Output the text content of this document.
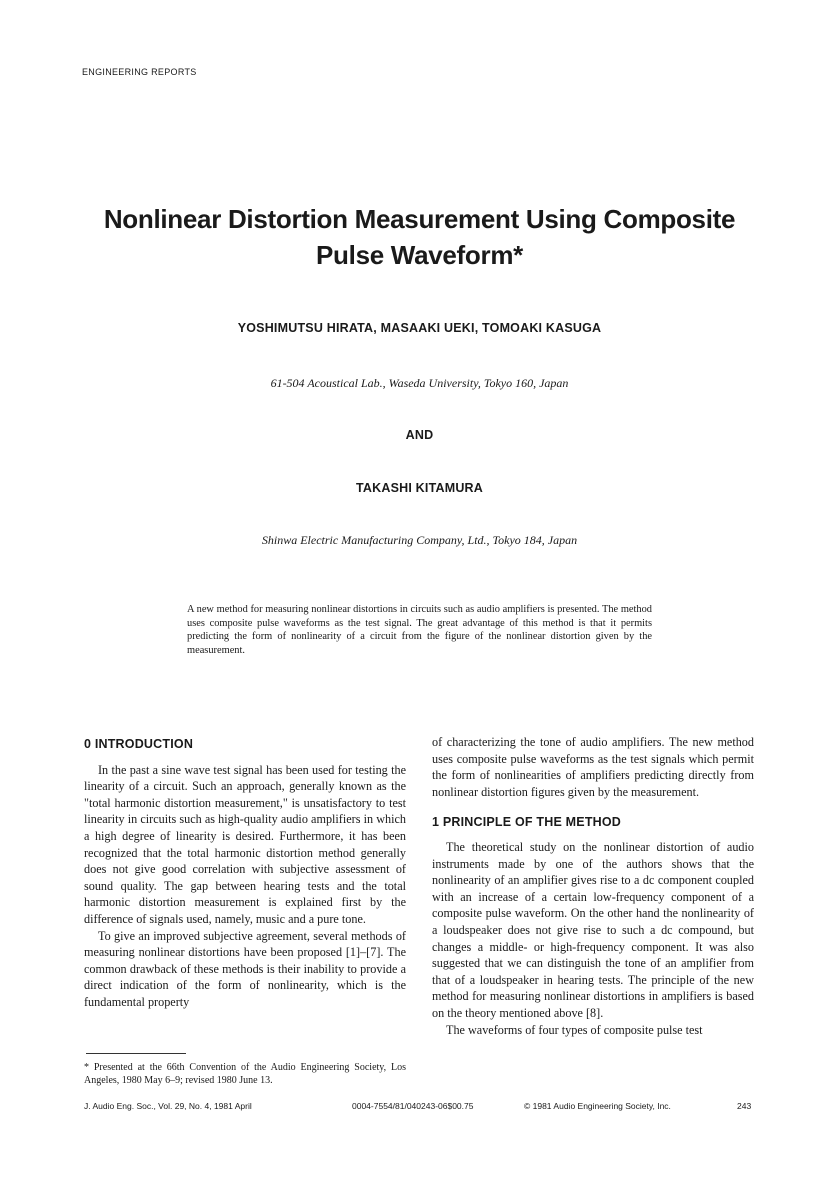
ENGINEERING REPORTS
Nonlinear Distortion Measurement Using Composite
Pulse Waveform*
YOSHIMUTSU HIRATA, MASAAKI UEKI, TOMOAKI KASUGA
61-504 Acoustical Lab., Waseda University, Tokyo 160, Japan
AND
TAKASHI KITAMURA
Shinwa Electric Manufacturing Company, Ltd., Tokyo 184, Japan
A new method for measuring nonlinear distortions in circuits such as audio amplifiers is presented. The method uses composite pulse waveforms as the test signal. The great advantage of this method is that it permits predicting the form of nonlinearity of a circuit from the figure of the nonlinear distortion given by the measurement.
0 INTRODUCTION

In the past a sine wave test signal has been used for testing the linearity of a circuit. Such an approach, generally known as the "total harmonic distortion measurement," is unsatisfactory to test linearity in circuits such as high-quality audio amplifiers in which a high degree of linearity is desired. Furthermore, it has been recognized that the total harmonic distortion method generally does not give good correlation with subjective assessment of sound quality. The gap between hearing tests and the total harmonic distortion measurement is explained first by the difference of signals used, namely, music and a pure tone.

To give an improved subjective agreement, several methods of measuring nonlinear distortions have been proposed [1]–[7]. The common drawback of these methods is their inability to provide a direct indication of the form of nonlinearity, which is the fundamental property

* Presented at the 66th Convention of the Audio Engineering Society, Los Angeles, 1980 May 6–9; revised 1980 June 13.

of characterizing the tone of audio amplifiers. The new method uses composite pulse waveforms as the test signals which permit the form of nonlinearities of amplifiers predicting directly from nonlinear distortion figures given by the measurement.

1 PRINCIPLE OF THE METHOD

The theoretical study on the nonlinear distortion of audio instruments made by one of the authors shows that the nonlinearity of an amplifier gives rise to a dc component coupled with an increase of a certain low-frequency component of a composite pulse waveform. On the other hand the nonlinearity of a loudspeaker does not give rise to such a dc compound, but changes a middle- or high-frequency component. It was also suggested that we can distinguish the tone of an amplifier from that of a loudspeaker in hearing tests. The principle of the new method for measuring nonlinear distortions in amplifiers is based on the theory mentioned above [8].

The waveforms of four types of composite pulse test

J. Audio Eng. Soc., Vol. 29, No. 4, 1981 April	0004-7554/81/040243-06$00.75	© 1981 Audio Engineering Society, Inc.	243
